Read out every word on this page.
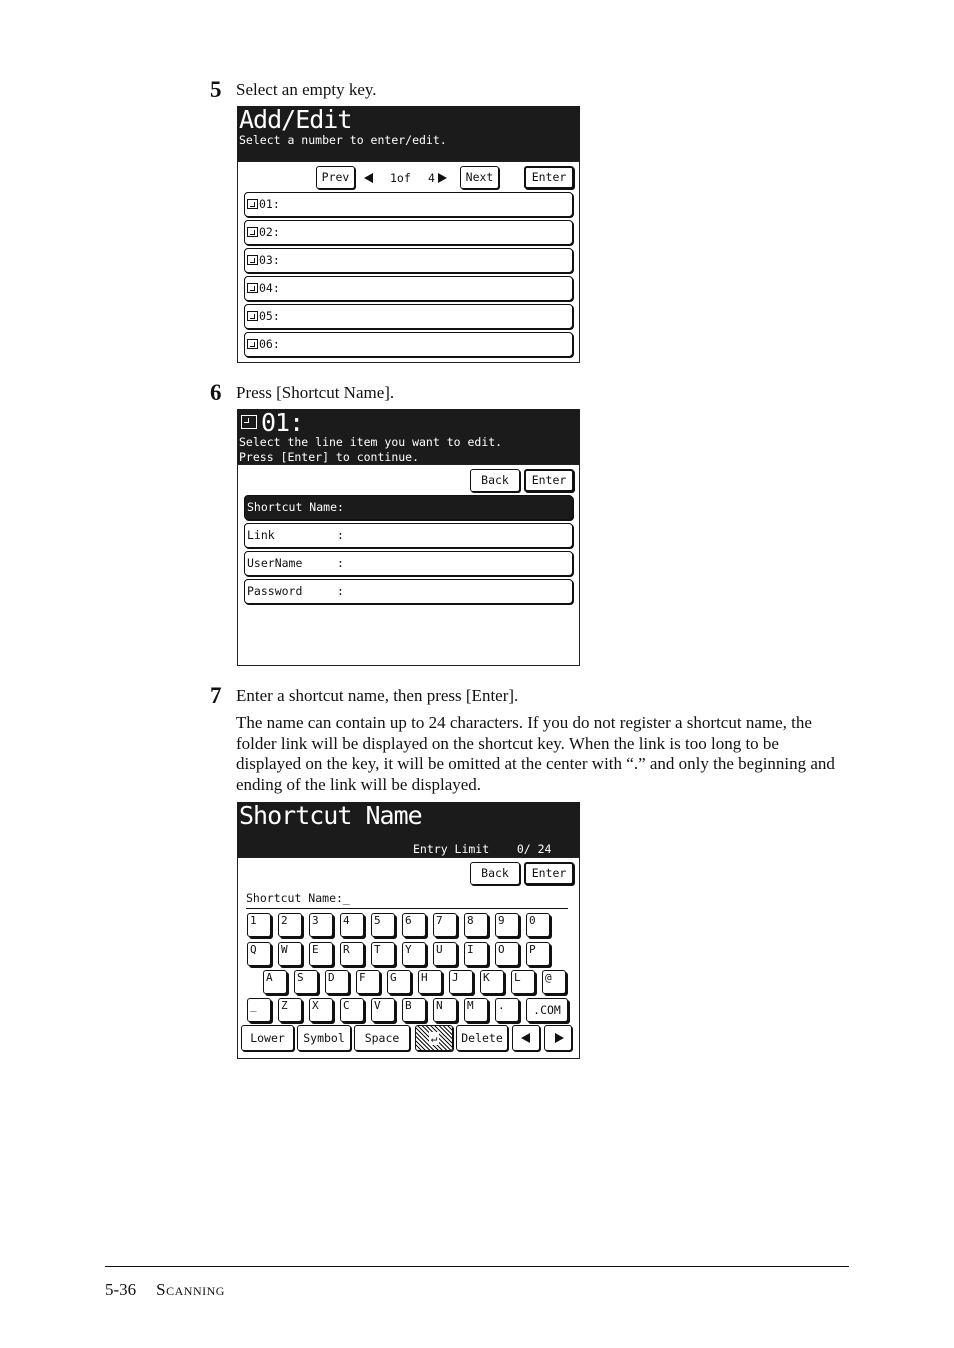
5 Select an empty key.
Add/Edit
Select a number to enter/edit.
Prev	1of 4	Next	Enter
01:
02:
03:
04:
05:
06:
6 Press [Shortcut Name].
01:
Select the line item you want to edit.
Press [Enter] to continue.
Back	Enter
Shortcut Name:
Link         :
UserName     :
Password     :
7 Enter a shortcut name, then press [Enter].
The name can contain up to 24 characters. If you do not register a shortcut name, the folder link will be displayed on the shortcut key. When the link is too long to be displayed on the key, it will be omitted at the center with “.” and only the beginning and ending of the link will be displayed.
Shortcut Name
Entry Limit    0/ 24
Back	Enter
Shortcut Name:_
1	2	3	4	5	6	7	8	9	0
Q	W	E	R	T	Y	U	I	O	P
A	S	D	F	G	H	J	K	L	@
_	Z	X	C	V	B	N	M	.	.COM
Lower	Symbol	Space	↵	Delete
5-36 Scanning
